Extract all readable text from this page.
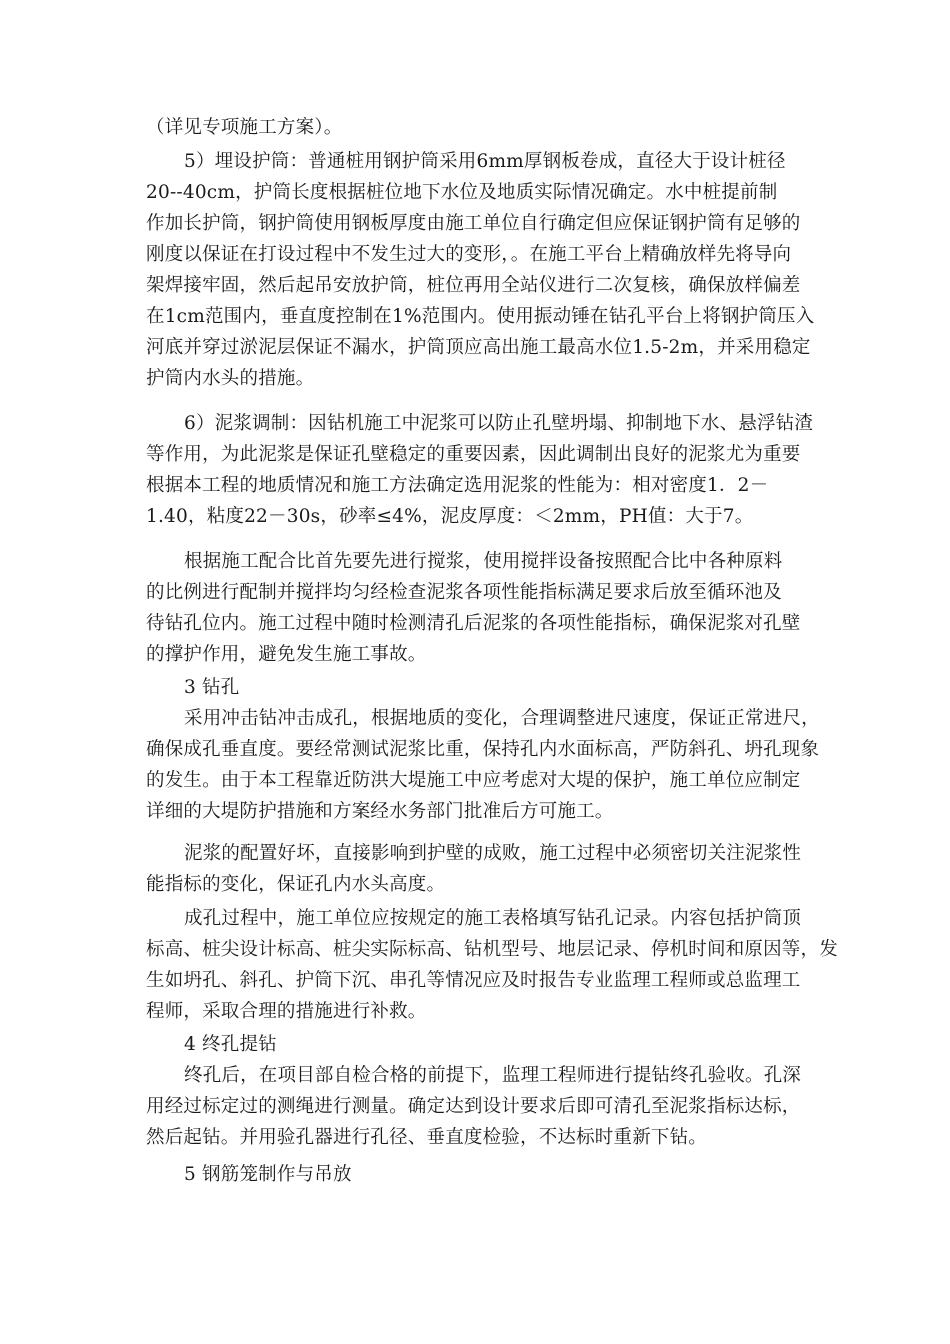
（详见专项施工方案）。
5）埋设护筒：普通桩用钢护筒采用6mm厚钢板卷成，直径大于设计桩径
20--40cm，护筒长度根据桩位地下水位及地质实际情况确定。水中桩提前制
作加长护筒，钢护筒使用钢板厚度由施工单位自行确定但应保证钢护筒有足够的
刚度以保证在打设过程中不发生过大的变形，。在施工平台上精确放样先将导向
架焊接牢固，然后起吊安放护筒，桩位再用全站仪进行二次复核，确保放样偏差
在1cm范围内，垂直度控制在1%范围内。使用振动锤在钻孔平台上将钢护筒压入
河底并穿过淤泥层保证不漏水，护筒顶应高出施工最高水位1.5-2m，并采用稳定
护筒内水头的措施。
6）泥浆调制：因钻机施工中泥浆可以防止孔壁坍塌、抑制地下水、悬浮钻渣
等作用，为此泥浆是保证孔壁稳定的重要因素，因此调制出良好的泥浆尤为重要
根据本工程的地质情况和施工方法确定选用泥浆的性能为：相对密度1．2－
1.40，粘度22－30s，砂率≤4%，泥皮厚度：＜2mm，PH值：大于7。
根据施工配合比首先要先进行搅浆，使用搅拌设备按照配合比中各种原料
的比例进行配制并搅拌均匀经检查泥浆各项性能指标满足要求后放至循环池及
待钻孔位内。施工过程中随时检测清孔后泥浆的各项性能指标，确保泥浆对孔壁
的撑护作用，避免发生施工事故。
3 钻孔
采用冲击钻冲击成孔，根据地质的变化，合理调整进尺速度，保证正常进尺，
确保成孔垂直度。要经常测试泥浆比重，保持孔内水面标高，严防斜孔、坍孔现象
的发生。由于本工程靠近防洪大堤施工中应考虑对大堤的保护，施工单位应制定
详细的大堤防护措施和方案经水务部门批准后方可施工。
泥浆的配置好坏，直接影响到护壁的成败，施工过程中必须密切关注泥浆性
能指标的变化，保证孔内水头高度。
成孔过程中，施工单位应按规定的施工表格填写钻孔记录。内容包括护筒顶
标高、桩尖设计标高、桩尖实际标高、钻机型号、地层记录、停机时间和原因等，发
生如坍孔、斜孔、护筒下沉、串孔等情况应及时报告专业监理工程师或总监理工
程师，采取合理的措施进行补救。
4 终孔提钻
终孔后，在项目部自检合格的前提下，监理工程师进行提钻终孔验收。孔深
用经过标定过的测绳进行测量。确定达到设计要求后即可清孔至泥浆指标达标，
然后起钻。并用验孔器进行孔径、垂直度检验，不达标时重新下钻。
5 钢筋笼制作与吊放
